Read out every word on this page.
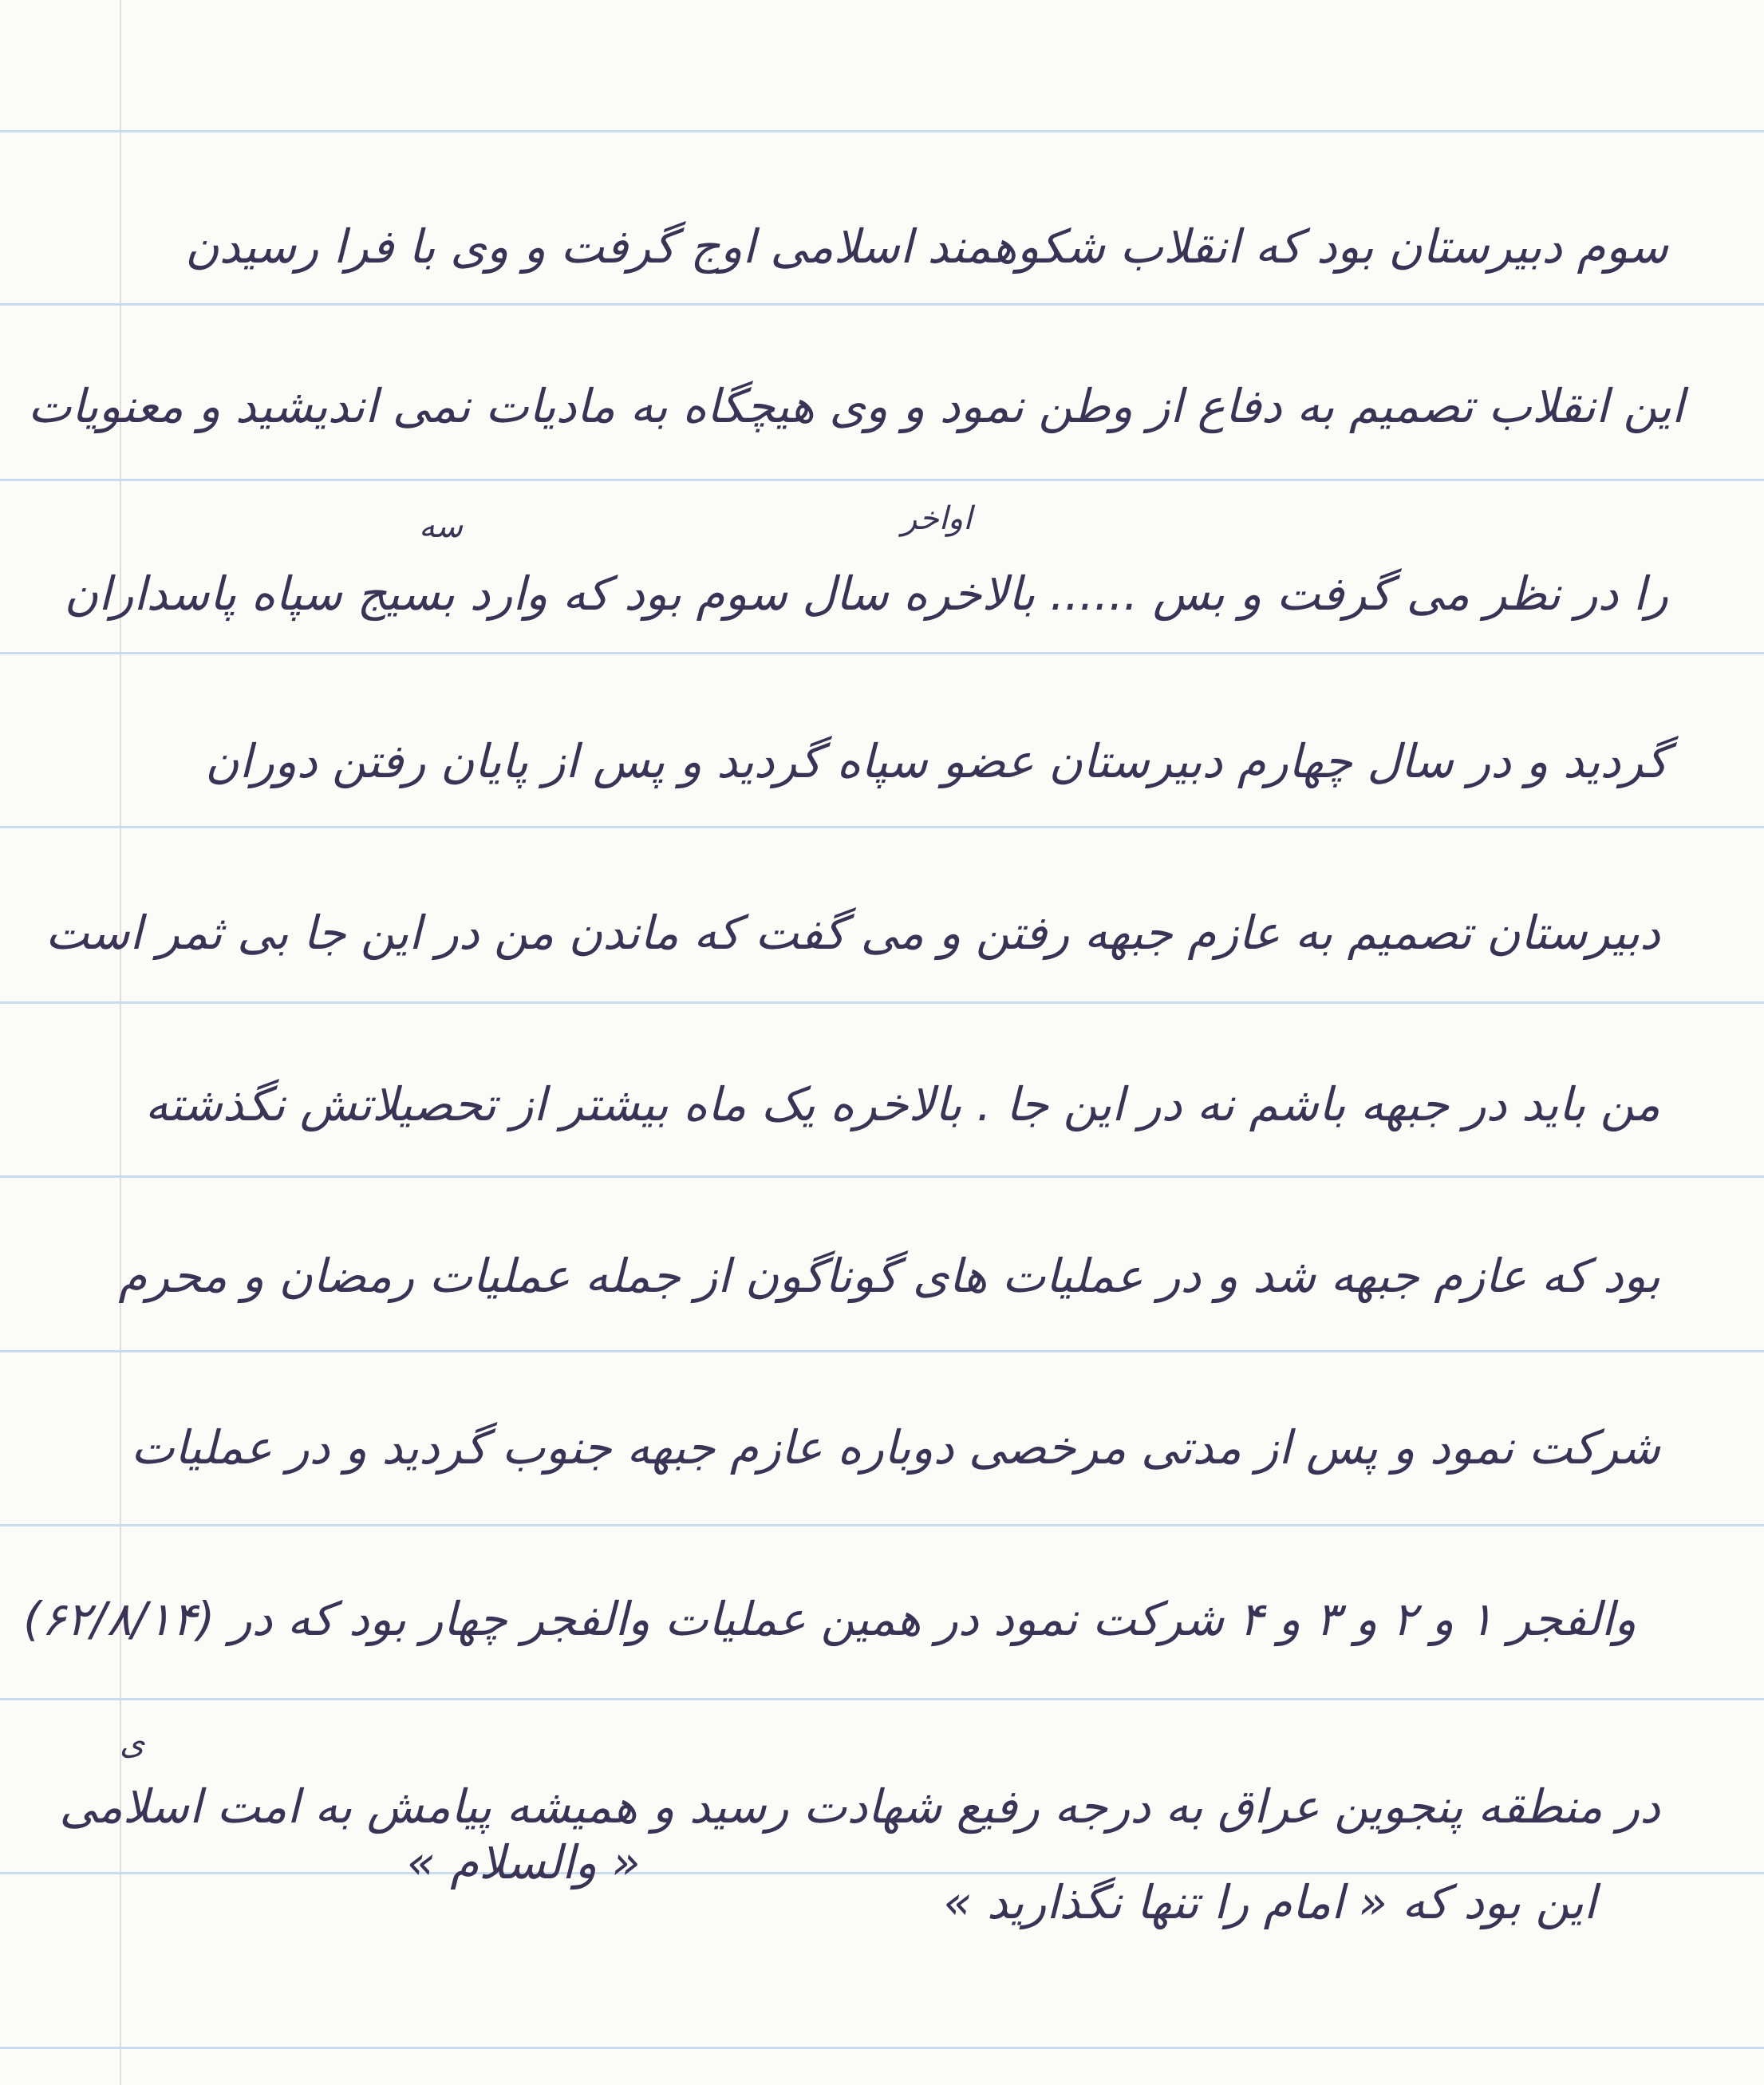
سوم دبیرستان بود که انقلاب شکوهمند اسلامی اوج گرفت و وی با فرا رسیدن
این انقلاب تصمیم به دفاع از وطن نمود و وی هیچگاه به مادیات نمی اندیشید و معنویات
را در نظر می گرفت و بس ...... بالاخره سال سوم بود که وارد بسیج سپاه پاسداران
گردید و در سال چهارم دبیرستان عضو سپاه گردید و پس از پایان رفتن دوران
دبیرستان تصمیم به عازم جبهه رفتن و می گفت که ماندن من در این جا بی ثمر است
من باید در جبهه باشم نه در این جا . بالاخره یک ماه بیشتر از تحصیلاتش نگذشته
بود که عازم جبهه شد و در عملیات های گوناگون از جمله عملیات رمضان و محرم
شرکت نمود و پس از مدتی مرخصی دوباره عازم جبهه جنوب گردید و در عملیات
والفجر ۱ و ۲ و ۳ و ۴ شرکت نمود در همین عملیات والفجر چهار بود که در (۶۲/۸/۱۴)
در منطقه پنجوین عراق به درجه رفیع شهادت رسید و همیشه پیامش به امت اسلامی
این بود که « امام را تنها نگذارید »
اواخر
سه
ی
« والسلام »
